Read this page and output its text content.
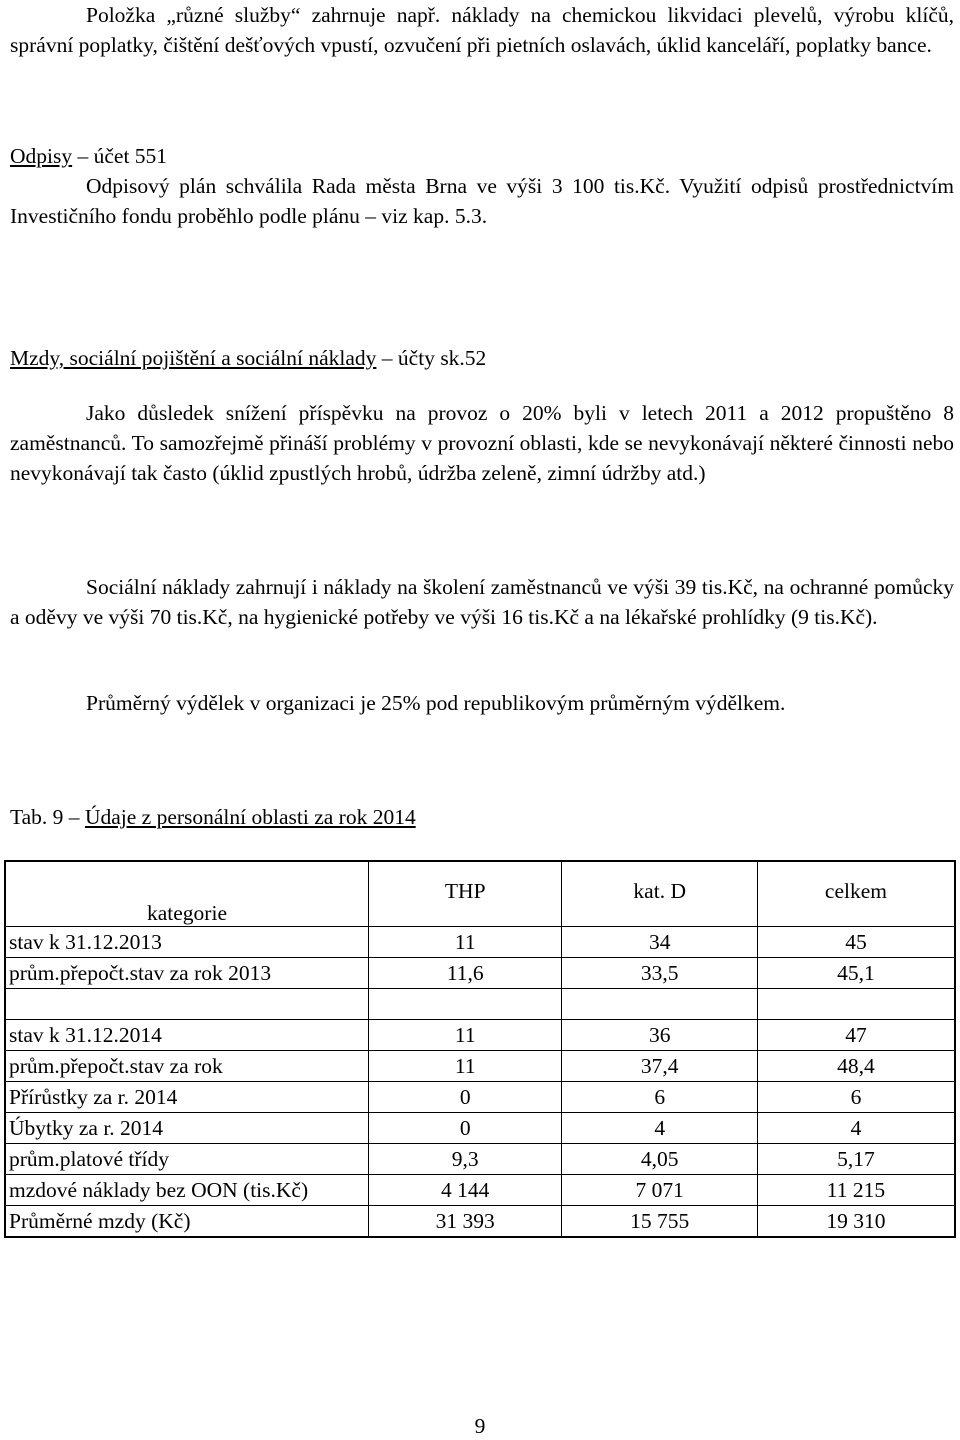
Položka „různé služby“ zahrnuje např. náklady na chemickou likvidaci plevelů, výrobu klíčů, správní poplatky, čištění dešťových vpustí, ozvučení při pietních oslavách, úklid kanceláří, poplatky bance.
Odpisy – účet 551
Odpisový plán schválila Rada města Brna ve výši 3 100 tis.Kč. Využití odpisů prostřednictvím Investičního fondu proběhlo podle plánu – viz kap. 5.3.
Mzdy, sociální pojištění a sociální náklady – účty sk.52
Jako důsledek snížení příspěvku na provoz o 20% byli v letech 2011 a 2012 propuštěno 8 zaměstnanců. To samozřejmě přináší problémy v provozní oblasti, kde se nevykonávají některé činnosti nebo nevykonávají tak často (úklid zpustlých hrobů, údržba zeleně, zimní údržby atd.)
Sociální náklady zahrnují i náklady na školení zaměstnanců ve výši 39 tis.Kč, na ochranné pomůcky a oděvy ve výši 70 tis.Kč, na hygienické potřeby ve výši 16 tis.Kč a na lékařské prohlídky (9 tis.Kč).
Průměrný výdělek v organizaci je 25% pod republikovým průměrným výdělkem.
Tab. 9 – Údaje z personální oblasti za rok 2014
kategorie	THP	kat. D	celkem
stav k 31.12.2013	11	34	45
prům.přepočt.stav za rok 2013	11,6	33,5	45,1

stav k 31.12.2014	11	36	47
prům.přepočt.stav za rok	11	37,4	48,4
Přírůstky za r. 2014	0	6	6
Úbytky za r. 2014	0	4	4
prům.platové třídy	9,3	4,05	5,17
mzdové náklady bez OON (tis.Kč)	4 144	7 071	11 215
Průměrné mzdy (Kč)	31 393	15 755	19 310
9
